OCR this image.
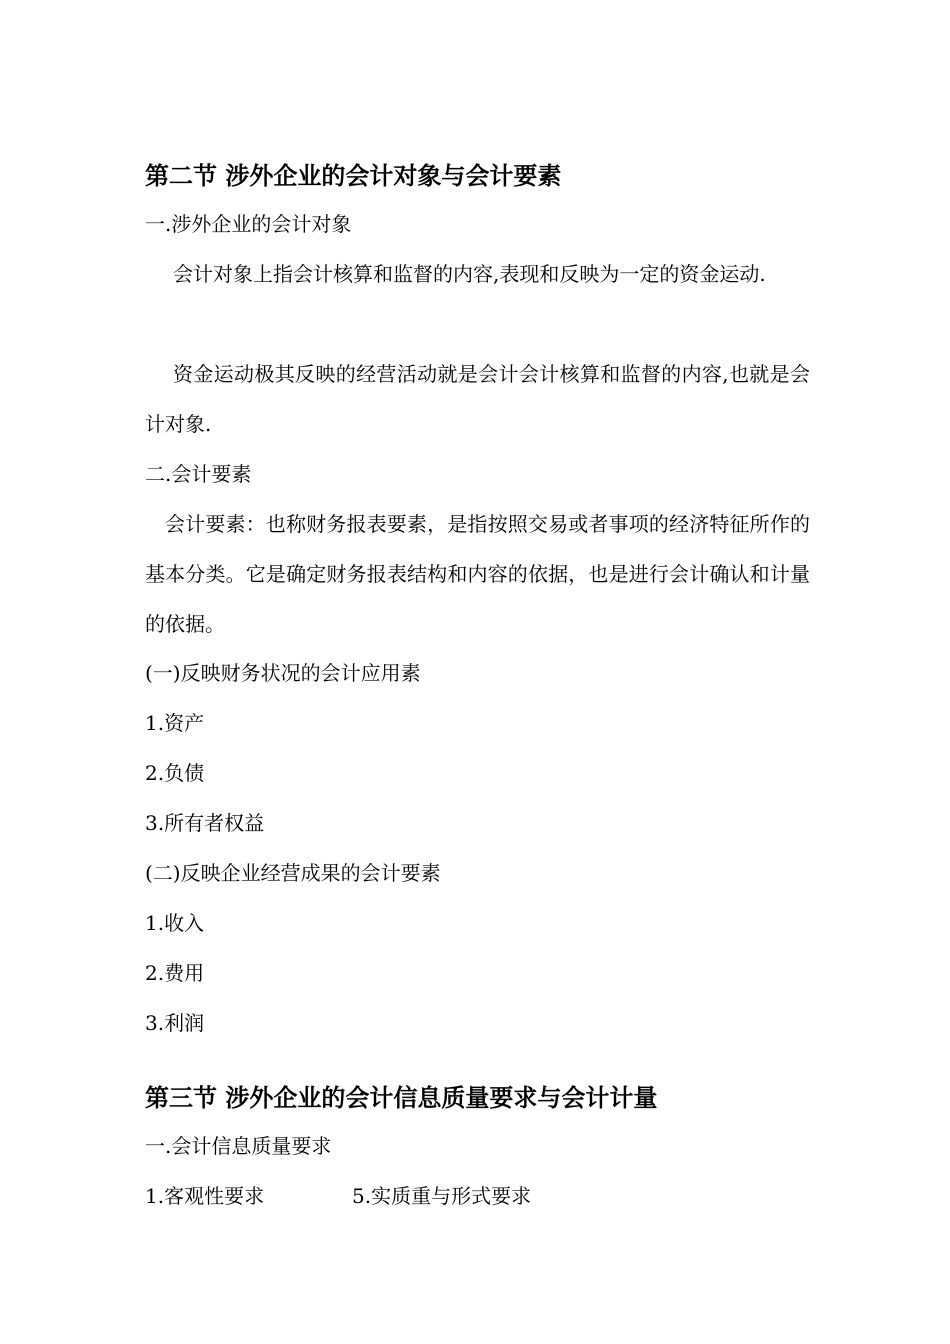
第二节 涉外企业的会计对象与会计要素
一.涉外企业的会计对象
会计对象上指会计核算和监督的内容,表现和反映为一定的资金运动.
资金运动极其反映的经营活动就是会计会计核算和监督的内容,也就是会计对象.
二.会计要素
会计要素：也称财务报表要素，是指按照交易或者事项的经济特征所作的基本分类。它是确定财务报表结构和内容的依据，也是进行会计确认和计量的依据。
(一)反映财务状况的会计应用素
1.资产
2.负债
3.所有者权益
(二)反映企业经营成果的会计要素
1.收入
2.费用
3.利润
第三节 涉外企业的会计信息质量要求与会计计量
一.会计信息质量要求
1.客观性要求	5.实质重与形式要求
